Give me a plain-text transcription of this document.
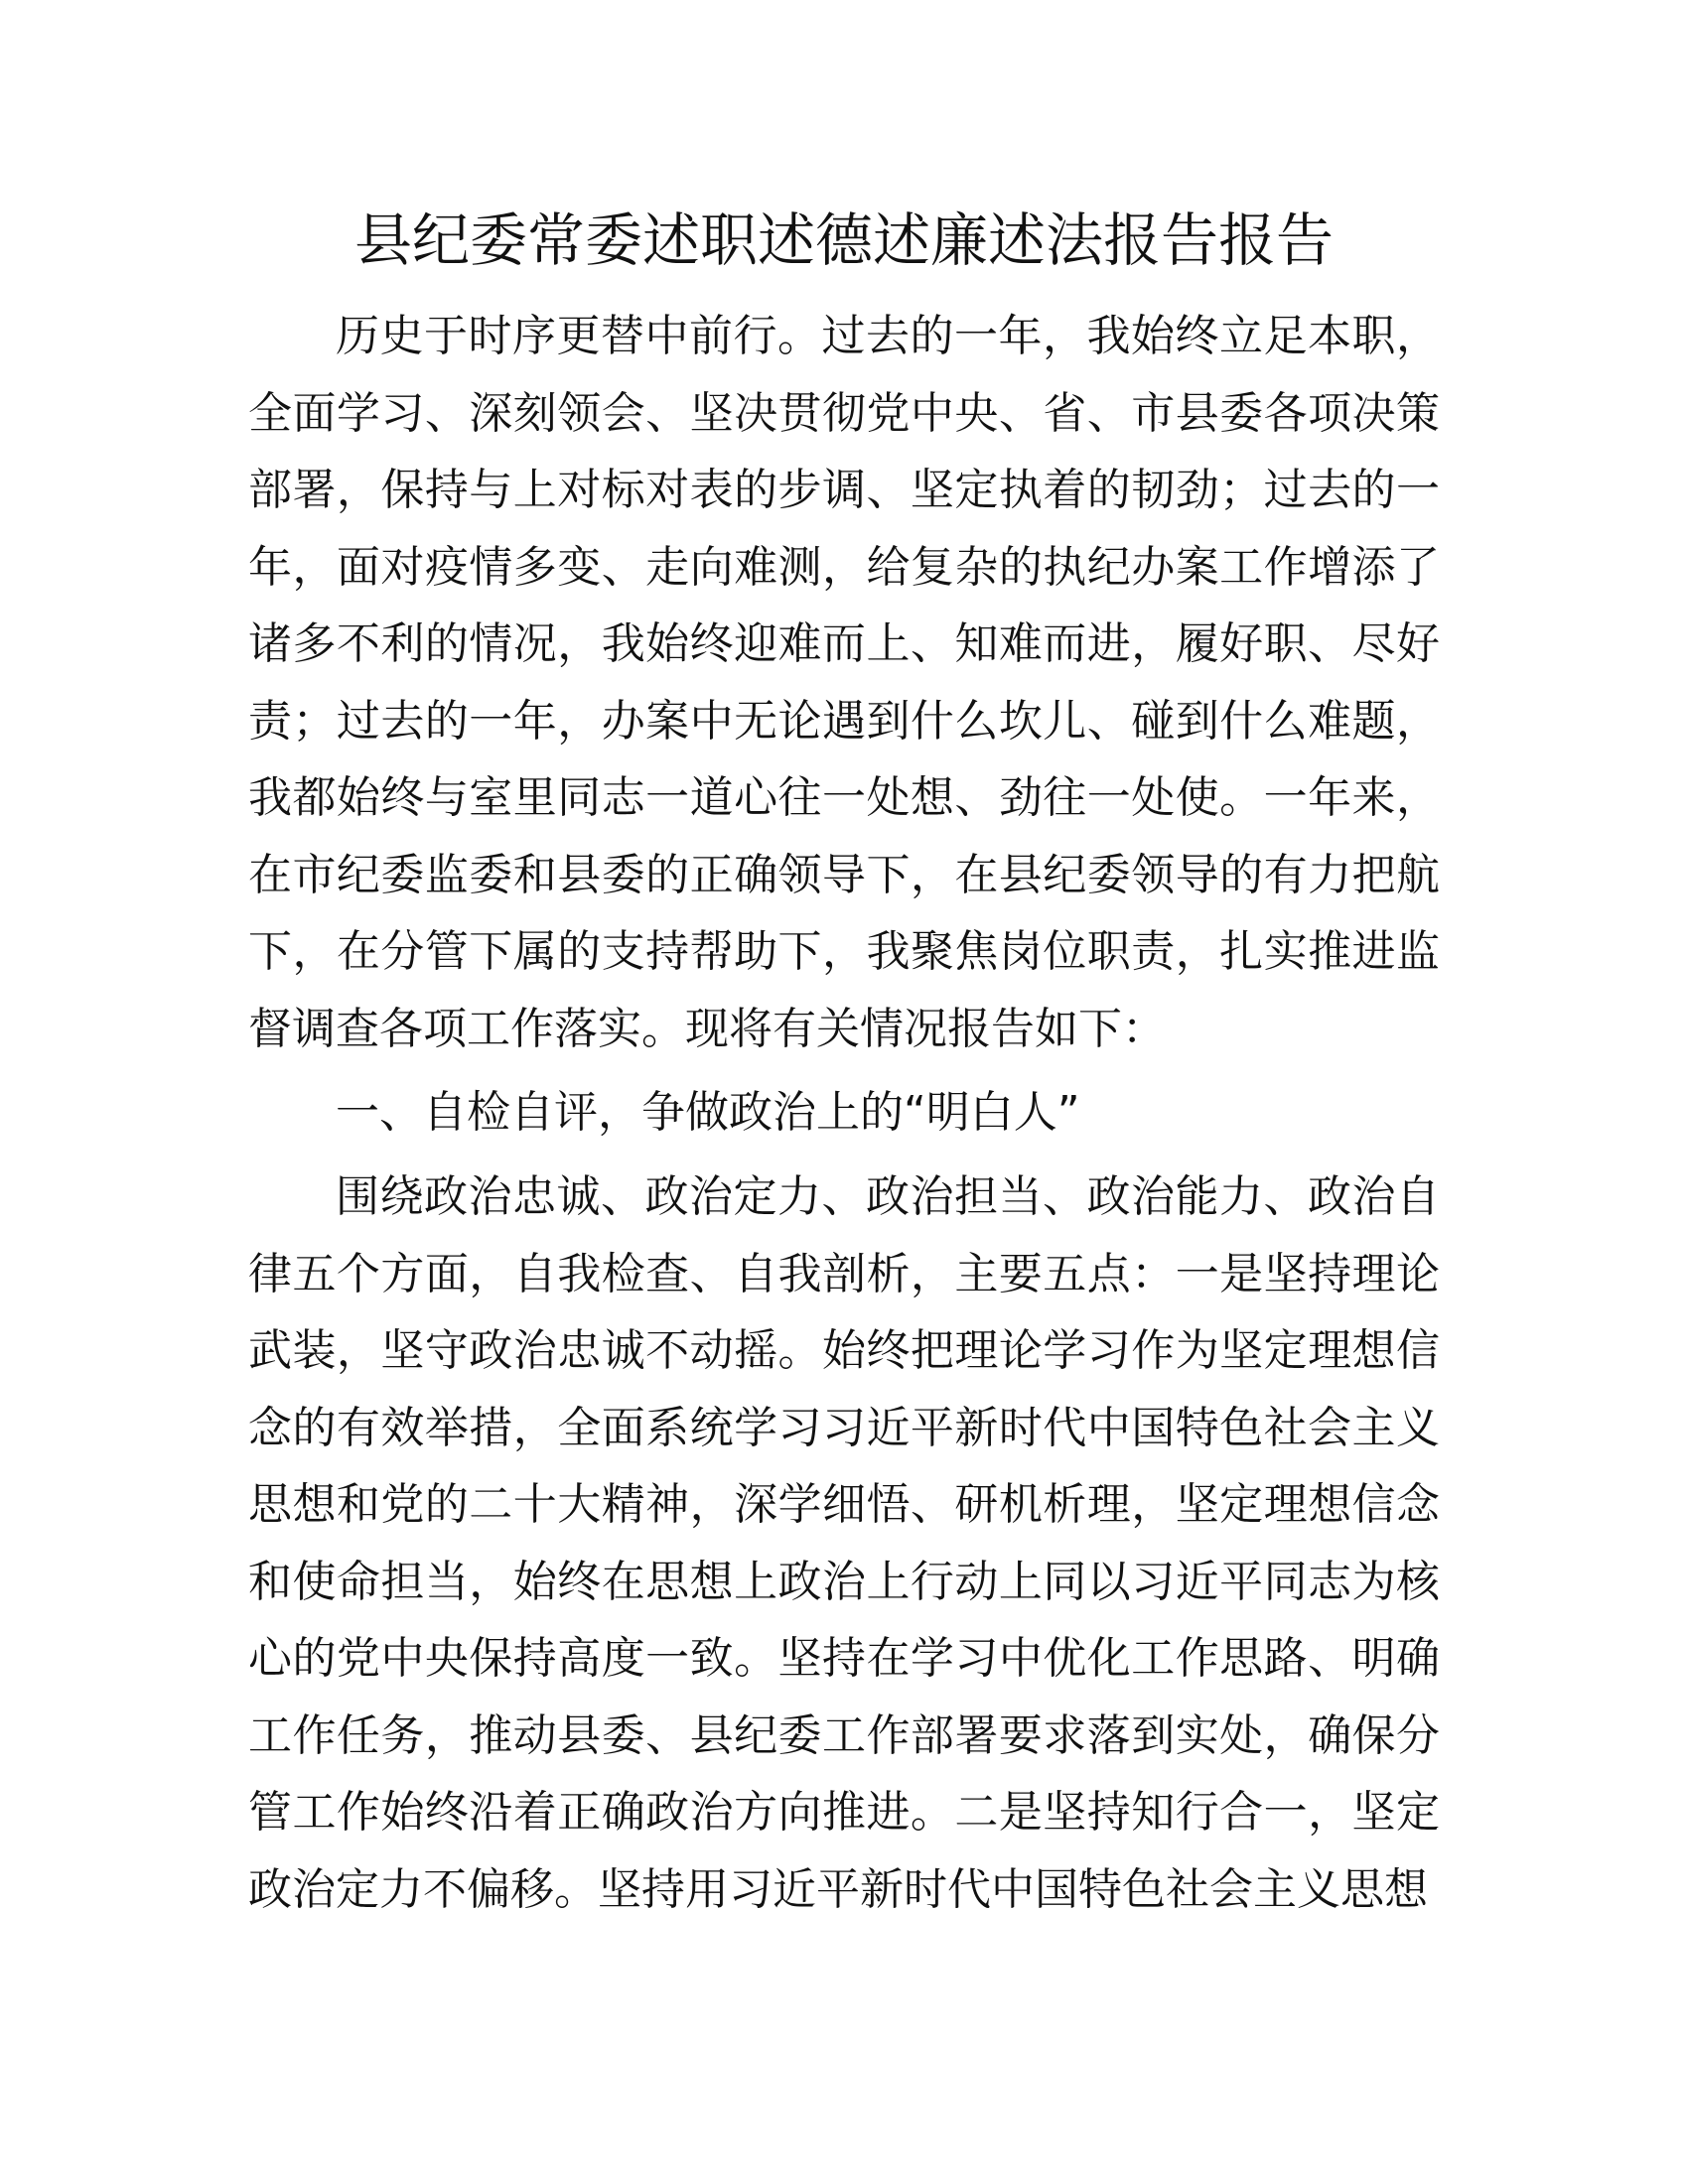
县纪委常委述职述德述廉述法报告报告

历史于时序更替中前行。过去的一年，我始终立足本职，全面学习、深刻领会、坚决贯彻党中央、省、市县委各项决策部署，保持与上对标对表的步调、坚定执着的韧劲；过去的一年，面对疫情多变、走向难测，给复杂的执纪办案工作增添了诸多不利的情况，我始终迎难而上、知难而进，履好职、尽好责；过去的一年，办案中无论遇到什么坎儿、碰到什么难题，我都始终与室里同志一道心往一处想、劲往一处使。一年来，在市纪委监委和县委的正确领导下，在县纪委领导的有力把航下，在分管下属的支持帮助下，我聚焦岗位职责，扎实推进监督调查各项工作落实。现将有关情况报告如下：

一、自检自评，争做政治上的“明白人”

围绕政治忠诚、政治定力、政治担当、政治能力、政治自律五个方面，自我检查、自我剖析，主要五点：一是坚持理论武装，坚守政治忠诚不动摇。始终把理论学习作为坚定理想信念的有效举措，全面系统学习习近平新时代中国特色社会主义思想和党的二十大精神，深学细悟、研机析理，坚定理想信念和使命担当，始终在思想上政治上行动上同以习近平同志为核心的党中央保持高度一致。坚持在学习中优化工作思路、明确工作任务，推动县委、县纪委工作部署要求落到实处，确保分管工作始终沿着正确政治方向推进。二是坚持知行合一，坚定政治定力不偏移。坚持用习近平新时代中国特色社会主义思想
